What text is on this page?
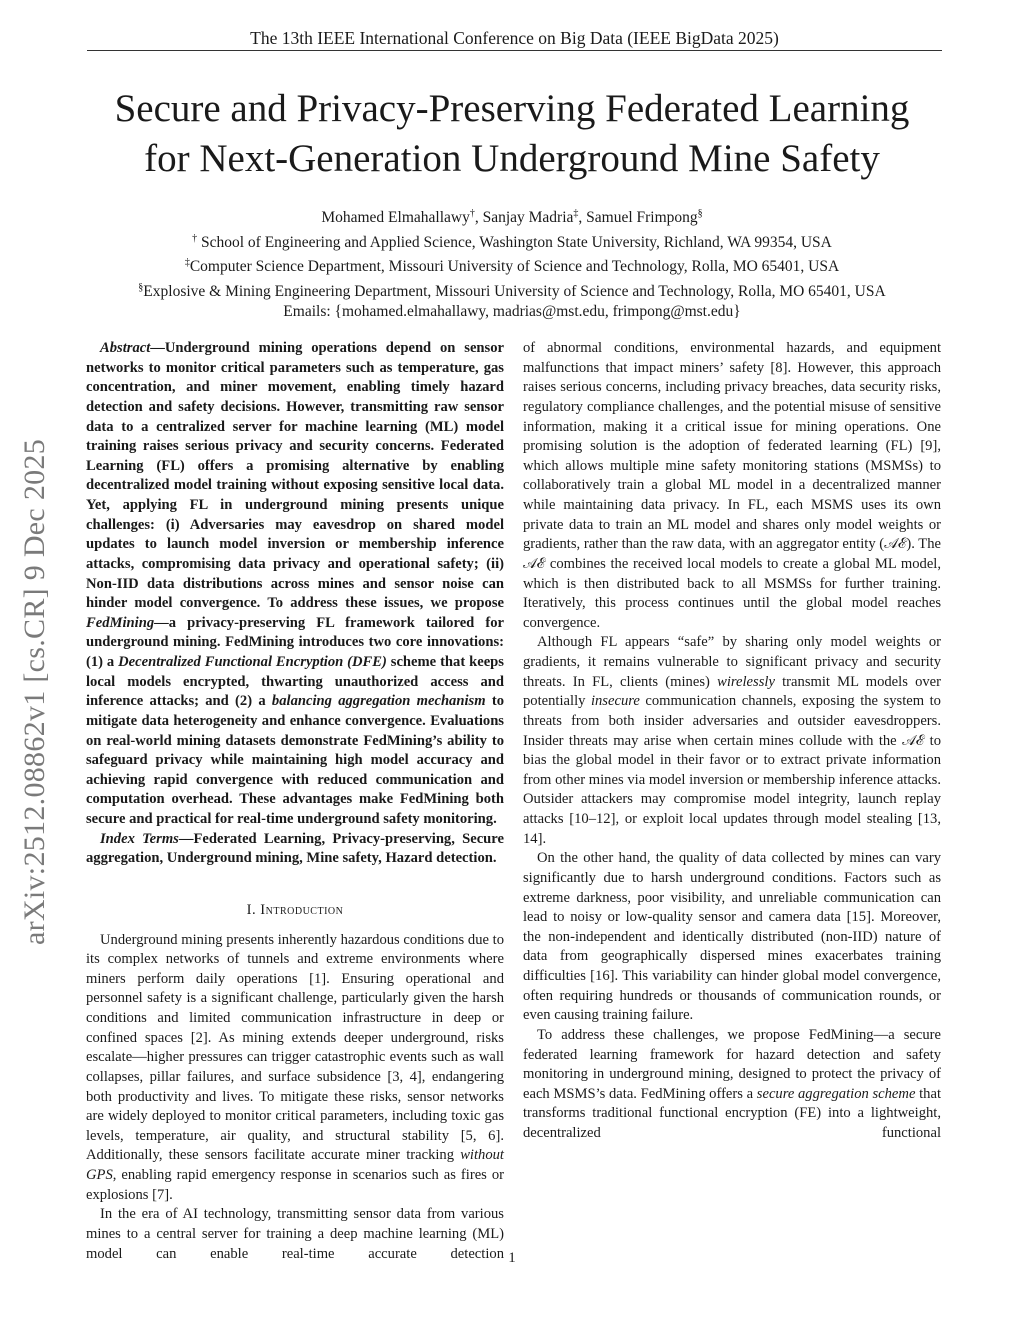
The 13th IEEE International Conference on Big Data (IEEE BigData 2025)
Secure and Privacy-Preserving Federated Learning
for Next-Generation Underground Mine Safety
Mohamed Elmahallawy†, Sanjay Madria‡, Samuel Frimpong§
† School of Engineering and Applied Science, Washington State University, Richland, WA 99354, USA
‡Computer Science Department, Missouri University of Science and Technology, Rolla, MO 65401, USA
§Explosive & Mining Engineering Department, Missouri University of Science and Technology, Rolla, MO 65401, USA
Emails: {mohamed.elmahallawy, madrias@mst.edu, frimpong@mst.edu}
arXiv:2512.08862v1 [cs.CR] 9 Dec 2025

Abstract—Underground mining operations depend on sensor networks to monitor critical parameters such as temperature, gas concentration, and miner movement, enabling timely hazard detection and safety decisions. However, transmitting raw sensor data to a centralized server for machine learning (ML) model training raises serious privacy and security concerns. Federated Learning (FL) offers a promising alternative by enabling decentralized model training without exposing sensitive local data. Yet, applying FL in underground mining presents unique challenges: (i) Adversaries may eavesdrop on shared model updates to launch model inversion or membership inference attacks, compromising data privacy and operational safety; (ii) Non-IID data distributions across mines and sensor noise can hinder model convergence. To address these issues, we propose FedMining—a privacy-preserving FL framework tailored for underground mining. FedMining introduces two core innovations: (1) a Decentralized Functional Encryption (DFE) scheme that keeps local models encrypted, thwarting unauthorized access and inference attacks; and (2) a balancing aggregation mechanism to mitigate data heterogeneity and enhance convergence. Evaluations on real-world mining datasets demonstrate FedMining’s ability to safeguard privacy while maintaining high model accuracy and achieving rapid convergence with reduced communication and computation overhead. These advantages make FedMining both secure and practical for real-time underground safety monitoring.

Index Terms—Federated Learning, Privacy-preserving, Secure aggregation, Underground mining, Mine safety, Hazard detection.

I. Introduction

Underground mining presents inherently hazardous conditions due to its complex networks of tunnels and extreme environments where miners perform daily operations [1]. Ensuring operational and personnel safety is a significant challenge, particularly given the harsh conditions and limited communication infrastructure in deep or confined spaces [2]. As mining extends deeper underground, risks escalate—higher pressures can trigger catastrophic events such as wall collapses, pillar failures, and surface subsidence [3, 4], endangering both productivity and lives. To mitigate these risks, sensor networks are widely deployed to monitor critical parameters, including toxic gas levels, temperature, air quality, and structural stability [5, 6]. Additionally, these sensors facilitate accurate miner tracking without GPS, enabling rapid emergency response in scenarios such as fires or explosions [7].

In the era of AI technology, transmitting sensor data from various mines to a central server for training a deep machine learning (ML) model can enable real-time accurate detection

of abnormal conditions, environmental hazards, and equipment malfunctions that impact miners’ safety [8]. However, this approach raises serious concerns, including privacy breaches, data security risks, regulatory compliance challenges, and the potential misuse of sensitive information, making it a critical issue for mining operations. One promising solution is the adoption of federated learning (FL) [9], which allows multiple mine safety monitoring stations (MSMSs) to collaboratively train a global ML model in a decentralized manner while maintaining data privacy. In FL, each MSMS uses its own private data to train an ML model and shares only model weights or gradients, rather than the raw data, with an aggregator entity (𝒜ℰ). The 𝒜ℰ combines the received local models to create a global ML model, which is then distributed back to all MSMSs for further training. Iteratively, this process continues until the global model reaches convergence.

Although FL appears “safe” by sharing only model weights or gradients, it remains vulnerable to significant privacy and security threats. In FL, clients (mines) wirelessly transmit ML models over potentially insecure communication channels, exposing the system to threats from both insider adversaries and outsider eavesdroppers. Insider threats may arise when certain mines collude with the 𝒜ℰ to bias the global model in their favor or to extract private information from other mines via model inversion or membership inference attacks. Outsider attackers may compromise model integrity, launch replay attacks [10–12], or exploit local updates through model stealing [13, 14].

On the other hand, the quality of data collected by mines can vary significantly due to harsh underground conditions. Factors such as extreme darkness, poor visibility, and unreliable communication can lead to noisy or low-quality sensor and camera data [15]. Moreover, the non-independent and identically distributed (non-IID) nature of data from geographically dispersed mines exacerbates training difficulties [16]. This variability can hinder global model convergence, often requiring hundreds or thousands of communication rounds, or even causing training failure.

To address these challenges, we propose FedMining—a secure federated learning framework for hazard detection and safety monitoring in underground mining, designed to protect the privacy of each MSMS’s data. FedMining offers a secure aggregation scheme that transforms traditional functional encryption (FE) into a lightweight, decentralized functional

1
